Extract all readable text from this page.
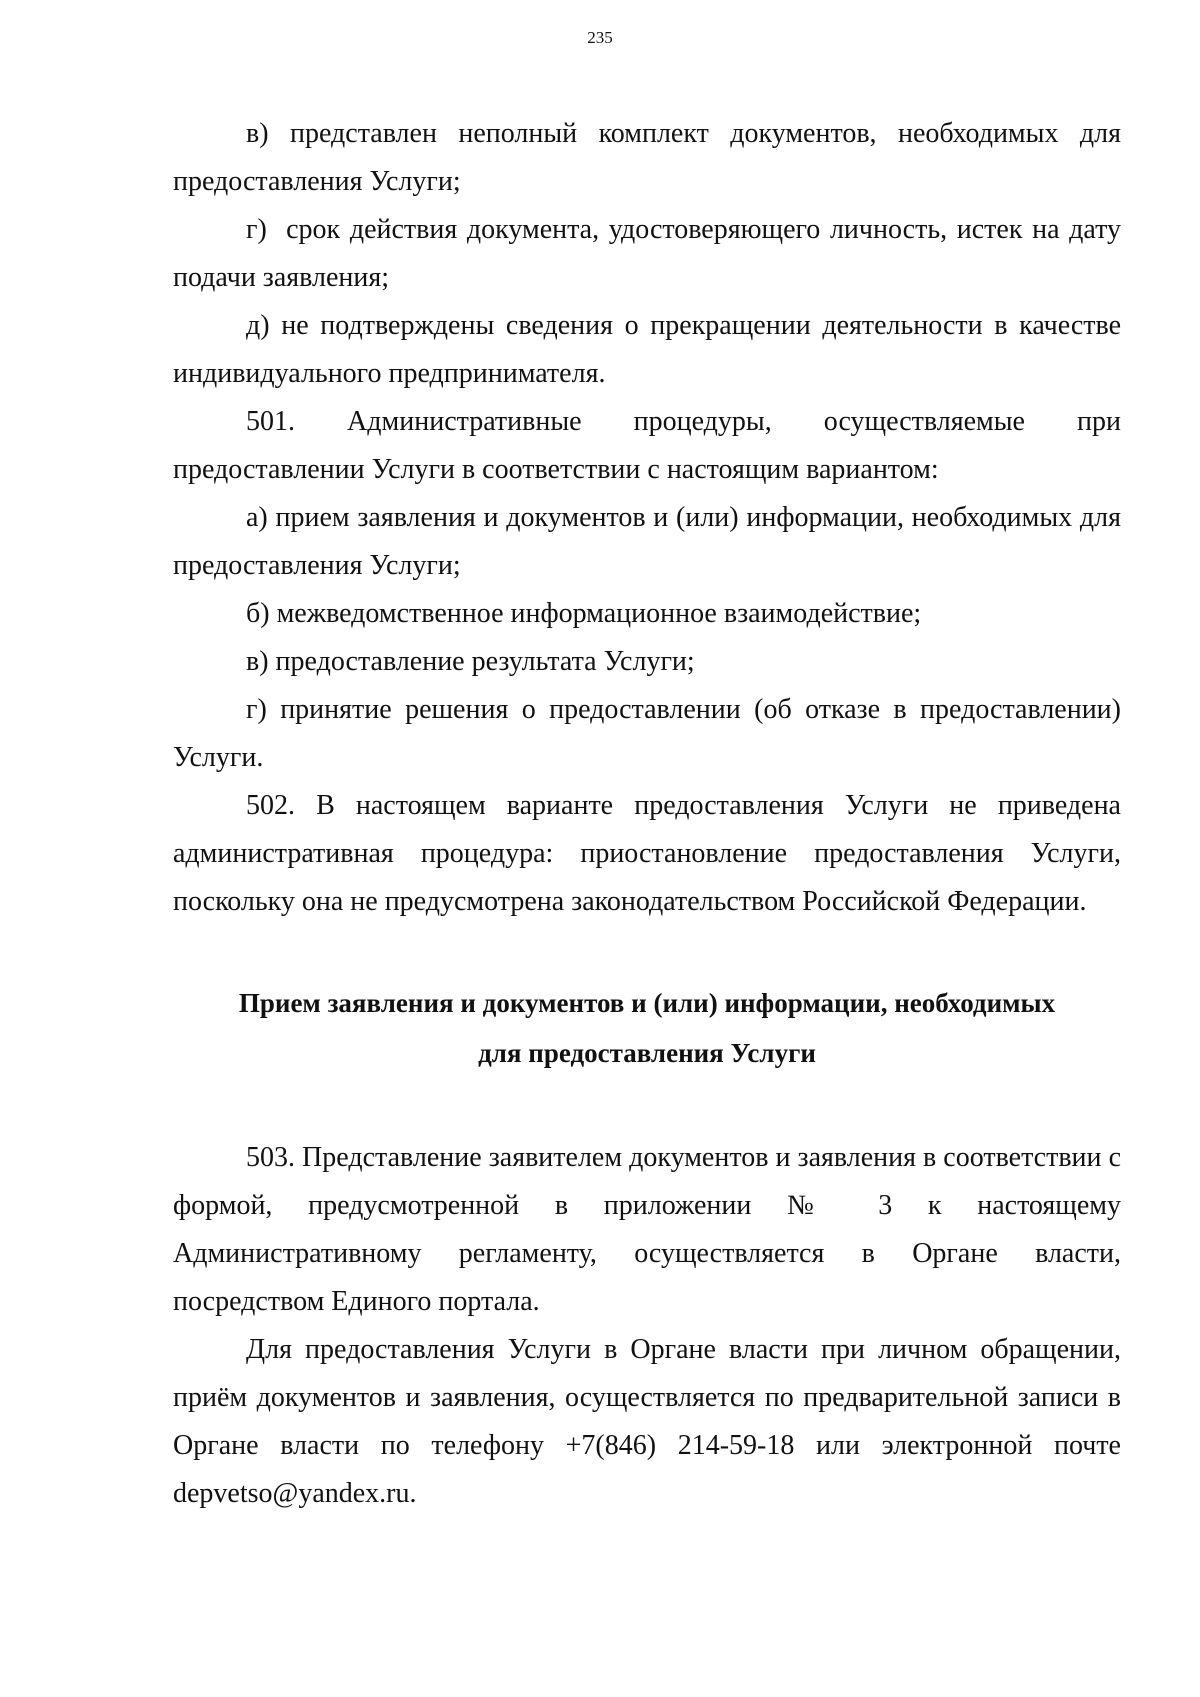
235

в) представлен неполный комплект документов, необходимых для предоставления Услуги;

г)  срок действия документа, удостоверяющего личность, истек на дату подачи заявления;

д) не подтверждены сведения о прекращении деятельности в качестве индивидуального предпринимателя.

501. Административные процедуры, осуществляемые при предоставлении Услуги в соответствии с настоящим вариантом:

а) прием заявления и документов и (или) информации, необходимых для предоставления Услуги;

б) межведомственное информационное взаимодействие;

в) предоставление результата Услуги;

г) принятие решения о предоставлении (об отказе в предоставлении) Услуги.

502. В настоящем варианте предоставления Услуги не приведена административная процедура: приостановление предоставления Услуги, поскольку она не предусмотрена законодательством Российской Федерации.

Прием заявления и документов и (или) информации, необходимых
для предоставления Услуги

503. Представление заявителем документов и заявления в соответствии с формой, предусмотренной в приложении № 3 к настоящему Административному регламенту, осуществляется в Органе власти, посредством Единого портала.

Для предоставления Услуги в Органе власти при личном обращении, приём документов и заявления, осуществляется по предварительной записи в Органе власти по телефону +7(846) 214-59-18 или электронной почте depvetso@yandex.ru.
